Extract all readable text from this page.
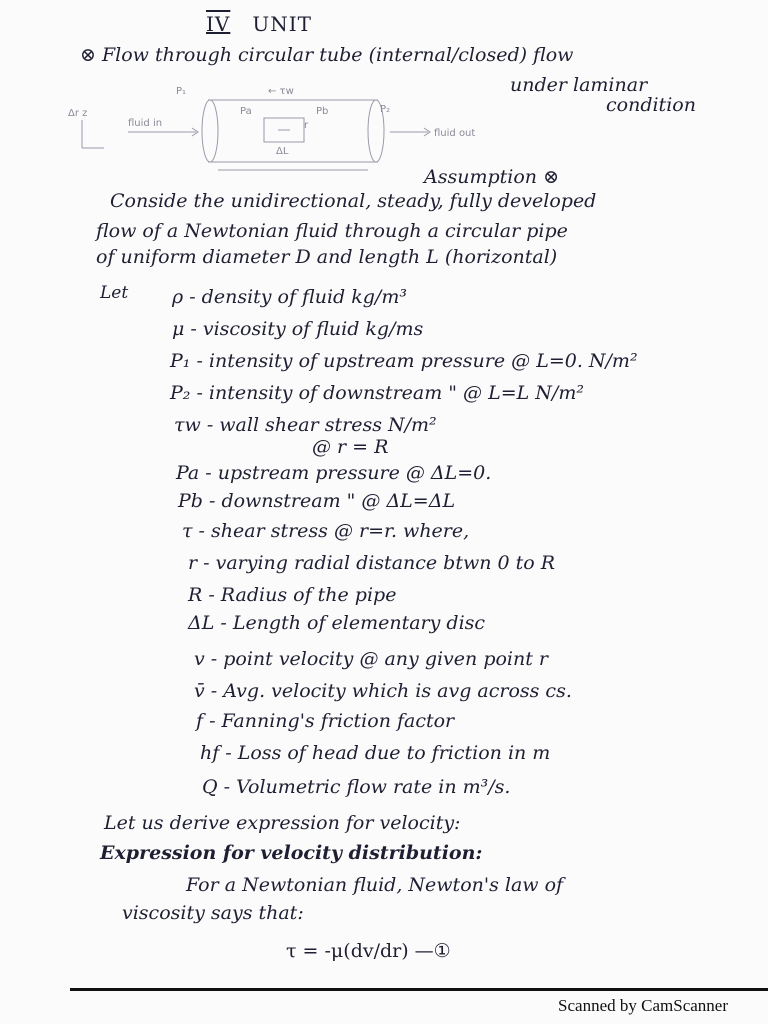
IV UNIT
⊗ Flow through circular tube (internal/closed) flow
under laminar
condition
P₁
P₂
Pa	Pb
← τw
fluid in
fluid out
ΔL
r
Δr z
Assumption ⊗
Conside the unidirectional, steady, fully developed
flow of a Newtonian fluid through a circular pipe
of uniform diameter D and length L (horizontal)
Let ρ - density of fluid kg/m³
μ - viscosity of fluid kg/ms
P₁ - intensity of upstream pressure @ L=0. N/m²
P₂ - intensity of downstream " @ L=L N/m²
τw - wall shear stress N/m²
@ r = R
Pa - upstream pressure @ ΔL=0.
Pb - downstream " @ ΔL=ΔL
τ - shear stress @ r=r. where,
r - varying radial distance btwn 0 to R
R - Radius of the pipe
ΔL - Length of elementary disc
v - point velocity @ any given point r
v̄ - Avg. velocity which is avg across cs.
f - Fanning's friction factor
hf - Loss of head due to friction in m
Q - Volumetric flow rate in m³/s.
Let us derive expression for velocity:
Expression for velocity distribution:
For a Newtonian fluid, Newton's law of
viscosity says that:
τ = -μ(dv/dr) —①
Scanned by CamScanner
